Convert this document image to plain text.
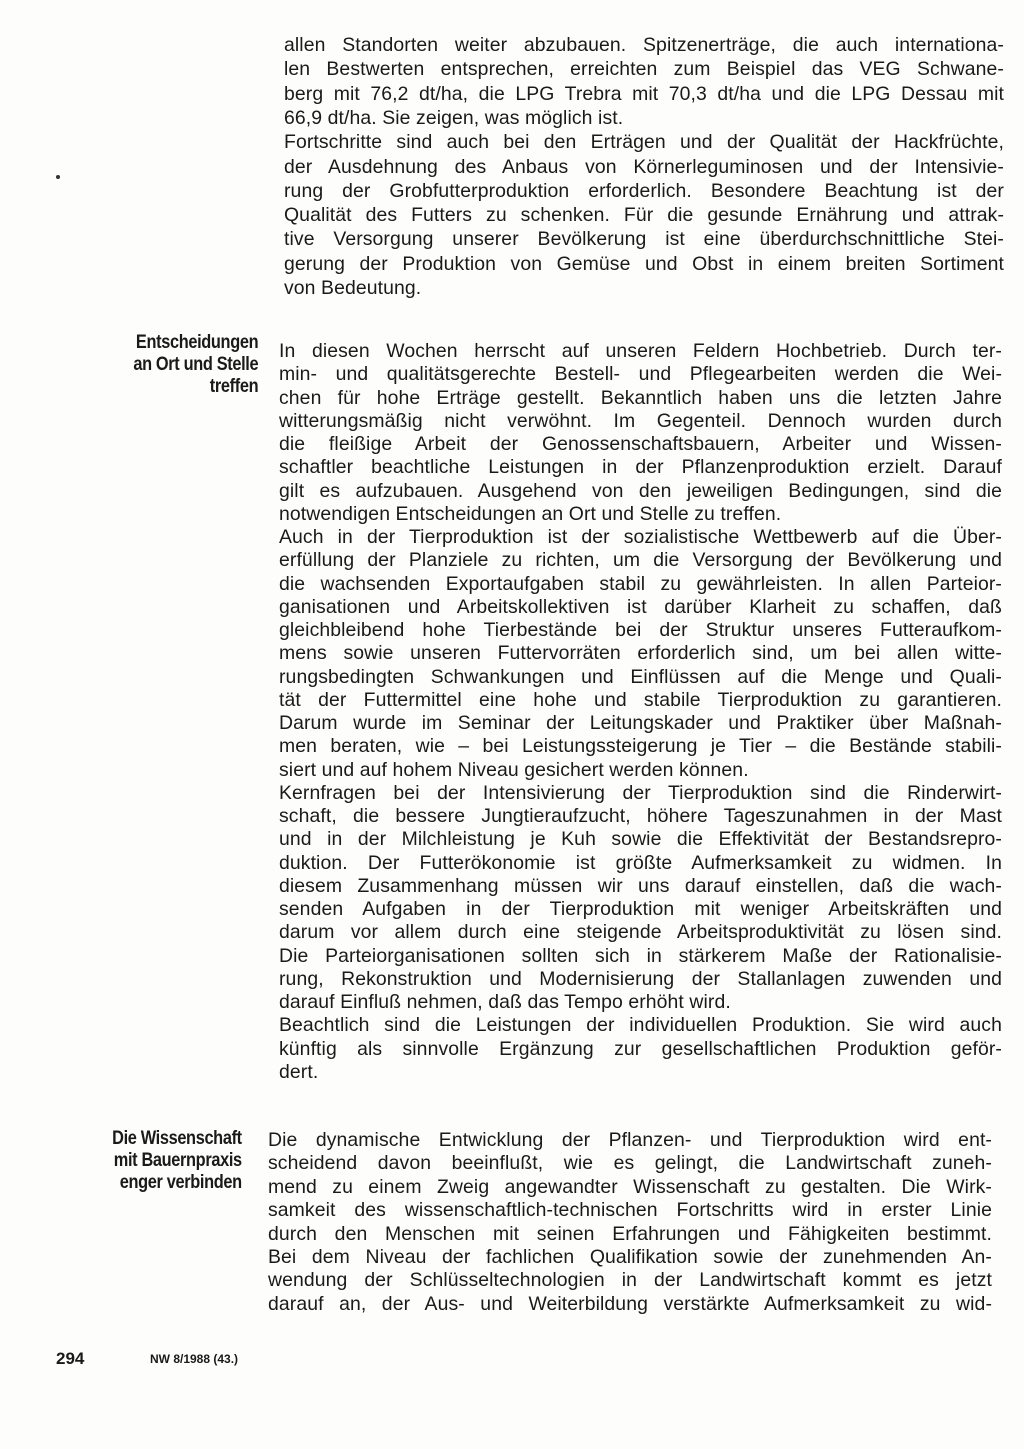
allen Standorten weiter abzubauen. Spitzenerträge, die auch internationa-
len Bestwerten entsprechen, erreichten zum Beispiel das VEG Schwane-
berg mit 76,2 dt/ha, die LPG Trebra mit 70,3 dt/ha und die LPG Dessau mit
66,9 dt/ha. Sie zeigen, was möglich ist.
Fortschritte sind auch bei den Erträgen und der Qualität der Hackfrüchte,
der Ausdehnung des Anbaus von Körnerleguminosen und der Intensivie-
rung der Grobfutterproduktion erforderlich. Besondere Beachtung ist der
Qualität des Futters zu schenken. Für die gesunde Ernährung und attrak-
tive Versorgung unserer Bevölkerung ist eine überdurchschnittliche Stei-
gerung der Produktion von Gemüse und Obst in einem breiten Sortiment
von Bedeutung.
Entscheidungen
an Ort und Stelle
treffen
In diesen Wochen herrscht auf unseren Feldern Hochbetrieb. Durch ter-
min- und qualitätsgerechte Bestell- und Pflegearbeiten werden die Wei-
chen für hohe Erträge gestellt. Bekanntlich haben uns die letzten Jahre
witterungsmäßig nicht verwöhnt. Im Gegenteil. Dennoch wurden durch
die fleißige Arbeit der Genossenschaftsbauern, Arbeiter und Wissen-
schaftler beachtliche Leistungen in der Pflanzenproduktion erzielt. Darauf
gilt es aufzubauen. Ausgehend von den jeweiligen Bedingungen, sind die
notwendigen Entscheidungen an Ort und Stelle zu treffen.
Auch in der Tierproduktion ist der sozialistische Wettbewerb auf die Über-
erfüllung der Planziele zu richten, um die Versorgung der Bevölkerung und
die wachsenden Exportaufgaben stabil zu gewährleisten. In allen Parteior-
ganisationen und Arbeitskollektiven ist darüber Klarheit zu schaffen, daß
gleichbleibend hohe Tierbestände bei der Struktur unseres Futteraufkom-
mens sowie unseren Futtervorräten erforderlich sind, um bei allen witte-
rungsbedingten Schwankungen und Einflüssen auf die Menge und Quali-
tät der Futtermittel eine hohe und stabile Tierproduktion zu garantieren.
Darum wurde im Seminar der Leitungskader und Praktiker über Maßnah-
men beraten, wie – bei Leistungssteigerung je Tier – die Bestände stabili-
siert und auf hohem Niveau gesichert werden können.
Kernfragen bei der Intensivierung der Tierproduktion sind die Rinderwirt-
schaft, die bessere Jungtieraufzucht, höhere Tageszunahmen in der Mast
und in der Milchleistung je Kuh sowie die Effektivität der Bestandsrepro-
duktion. Der Futterökonomie ist größte Aufmerksamkeit zu widmen. In
diesem Zusammenhang müssen wir uns darauf einstellen, daß die wach-
senden Aufgaben in der Tierproduktion mit weniger Arbeitskräften und
darum vor allem durch eine steigende Arbeitsproduktivität zu lösen sind.
Die Parteiorganisationen sollten sich in stärkerem Maße der Rationalisie-
rung, Rekonstruktion und Modernisierung der Stallanlagen zuwenden und
darauf Einfluß nehmen, daß das Tempo erhöht wird.
Beachtlich sind die Leistungen der individuellen Produktion. Sie wird auch
künftig als sinnvolle Ergänzung zur gesellschaftlichen Produktion geför-
dert.
Die Wissenschaft
mit Bauernpraxis
enger verbinden
Die dynamische Entwicklung der Pflanzen- und Tierproduktion wird ent-
scheidend davon beeinflußt, wie es gelingt, die Landwirtschaft zuneh-
mend zu einem Zweig angewandter Wissenschaft zu gestalten. Die Wirk-
samkeit des wissenschaftlich-technischen Fortschritts wird in erster Linie
durch den Menschen mit seinen Erfahrungen und Fähigkeiten bestimmt.
Bei dem Niveau der fachlichen Qualifikation sowie der zunehmenden An-
wendung der Schlüsseltechnologien in der Landwirtschaft kommt es jetzt
darauf an, der Aus- und Weiterbildung verstärkte Aufmerksamkeit zu wid-
294	NW 8/1988 (43.)
